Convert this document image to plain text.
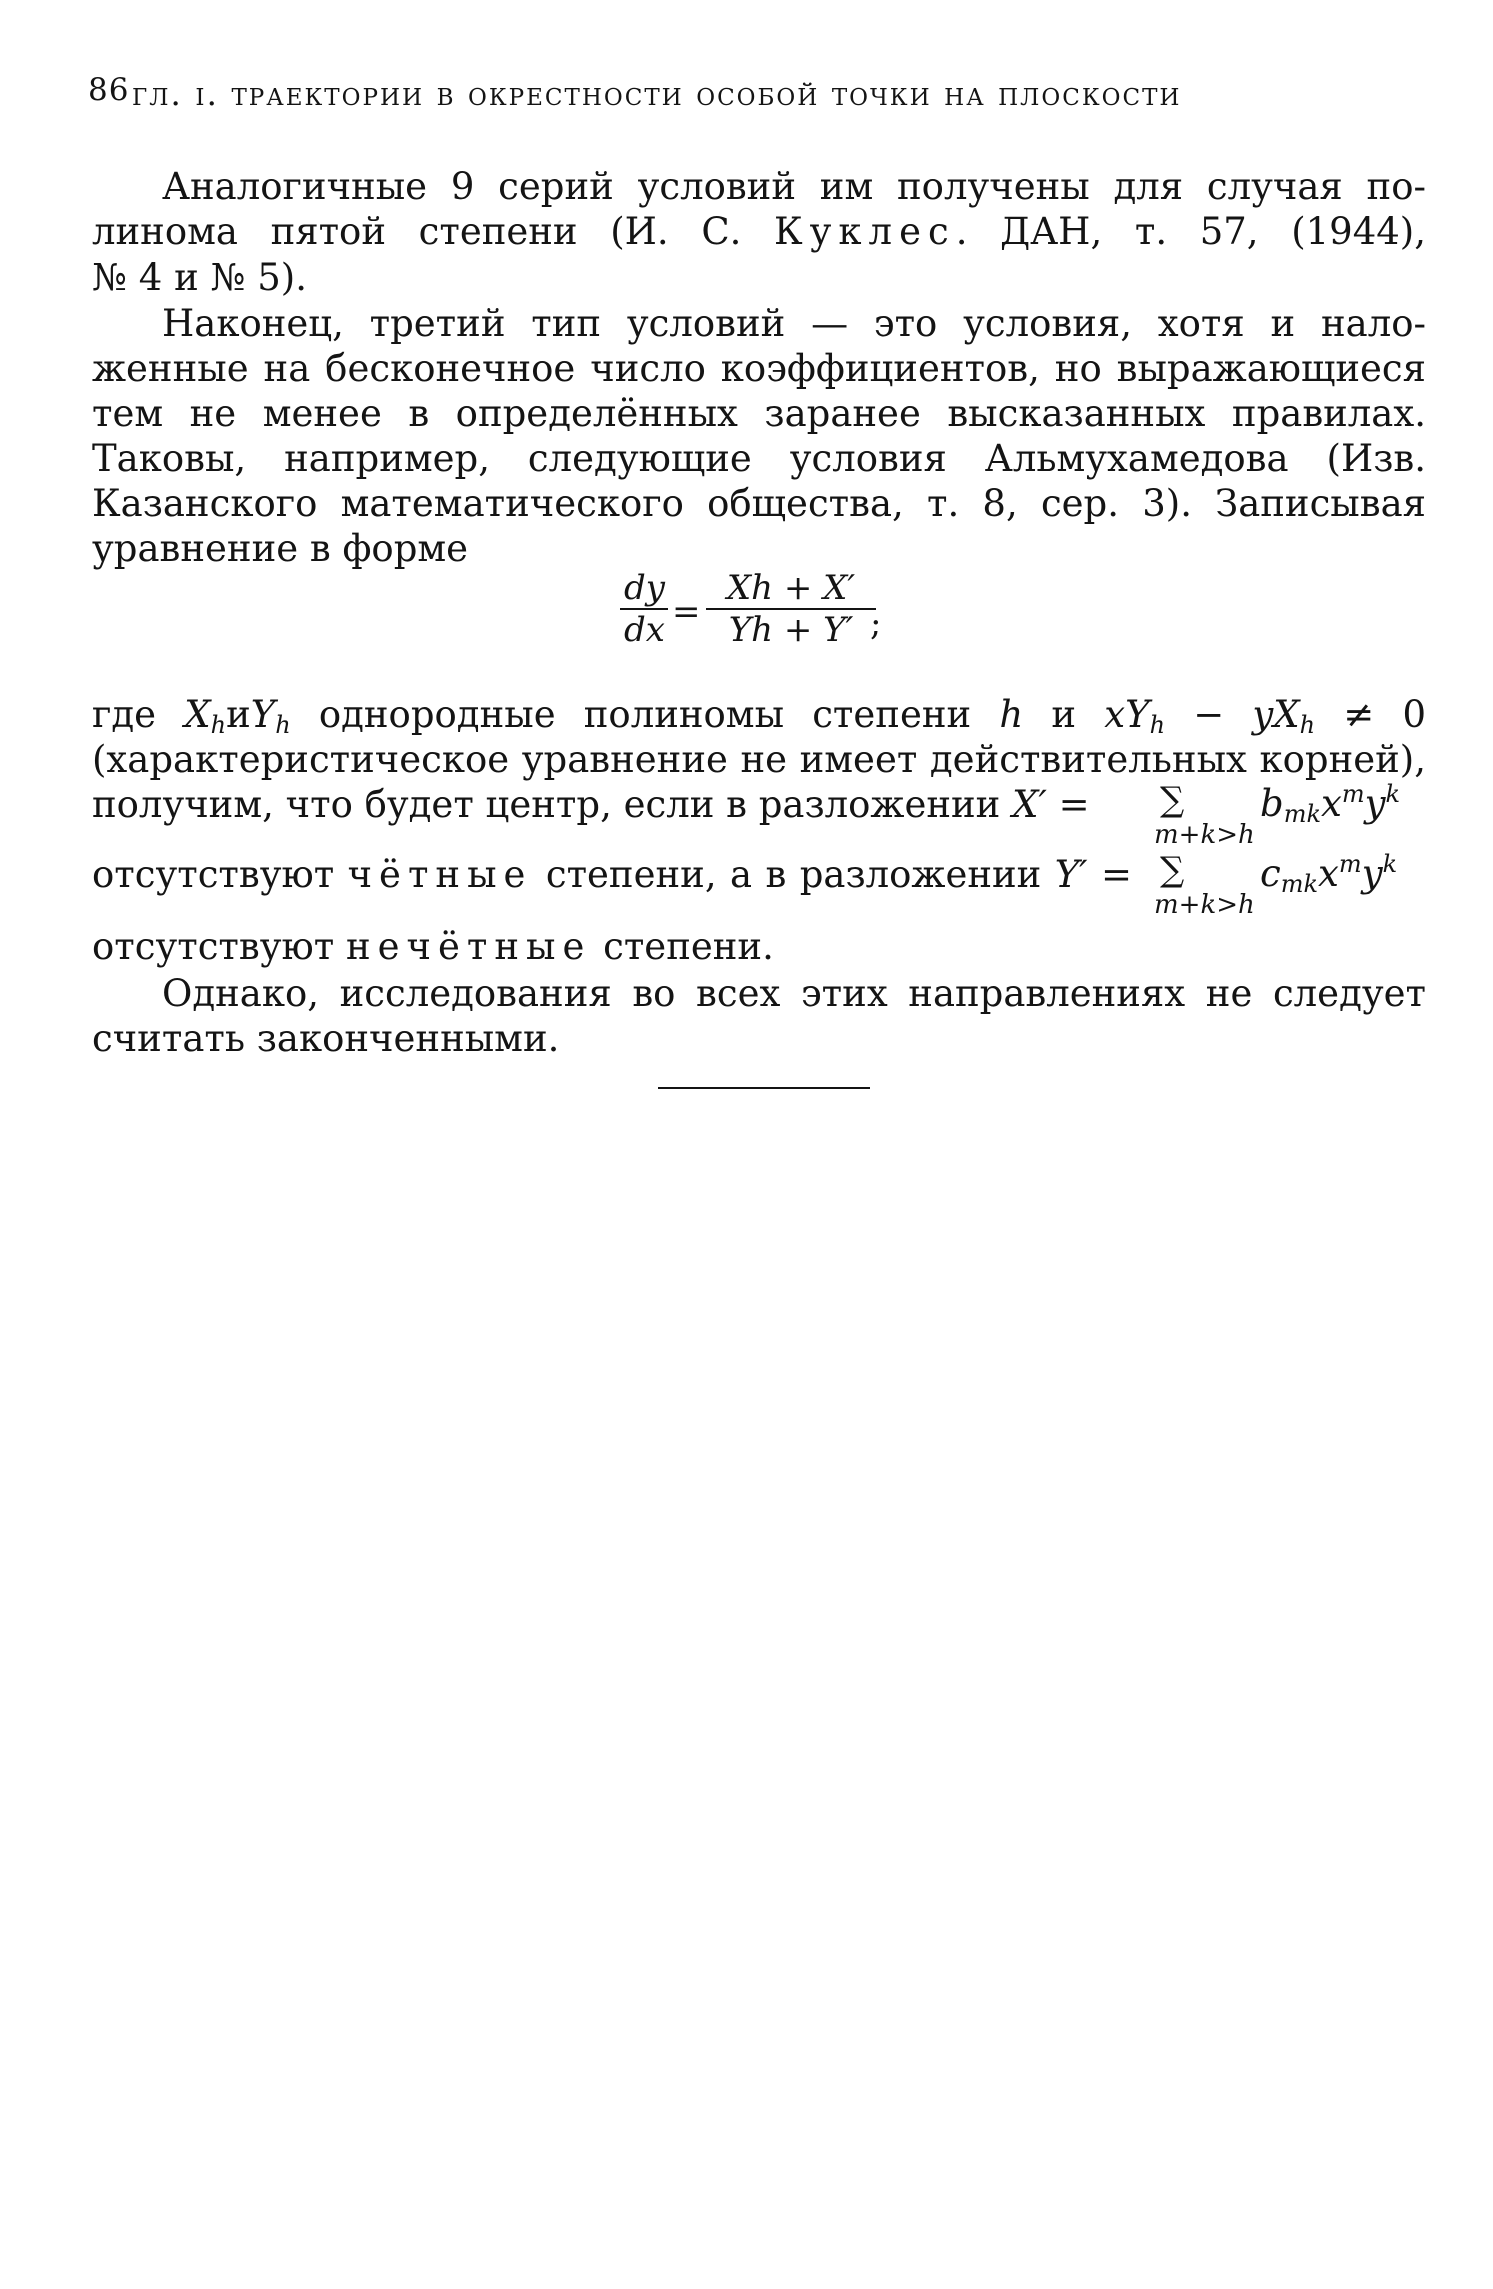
86 гл. i. траектории в окрестности особой точки на плоскости
Аналогичные 9 серий условий им получены для случая по-
линома пятой степени (И. С. Куклес. ДАН, т. 57, (1944),
№ 4 и № 5).
Наконец, третий тип условий — это условия, хотя и нало-
женные на бесконечное число коэффициентов, но выражающиеся
тем не менее в определённых заранее высказанных правилах.
Таковы, например, следующие условия Альмухамедова (Изв.
Казанского математического общества, т. 8, сер. 3). Записывая
уравнение в форме
dy
dx =
Xh + X′
Yh + Y′ ;
где $X_hиY_h$ однородные полиномы степени h и $xY_h - yX_h \ne 0$
(характеристическое уравнение не имеет действительных корней),
получим, что будет центр, если в разложении X′ = ∑
m+k>h
$b_{mk}x^my^k$
отсутствуют чётные степени, а в разложении Y′ = ∑
m+k>h
$c_{mk}x^my^k$
отсутствуют нечётные степени.
Однако, исследования во всех этих направлениях не следует
считать законченными.
